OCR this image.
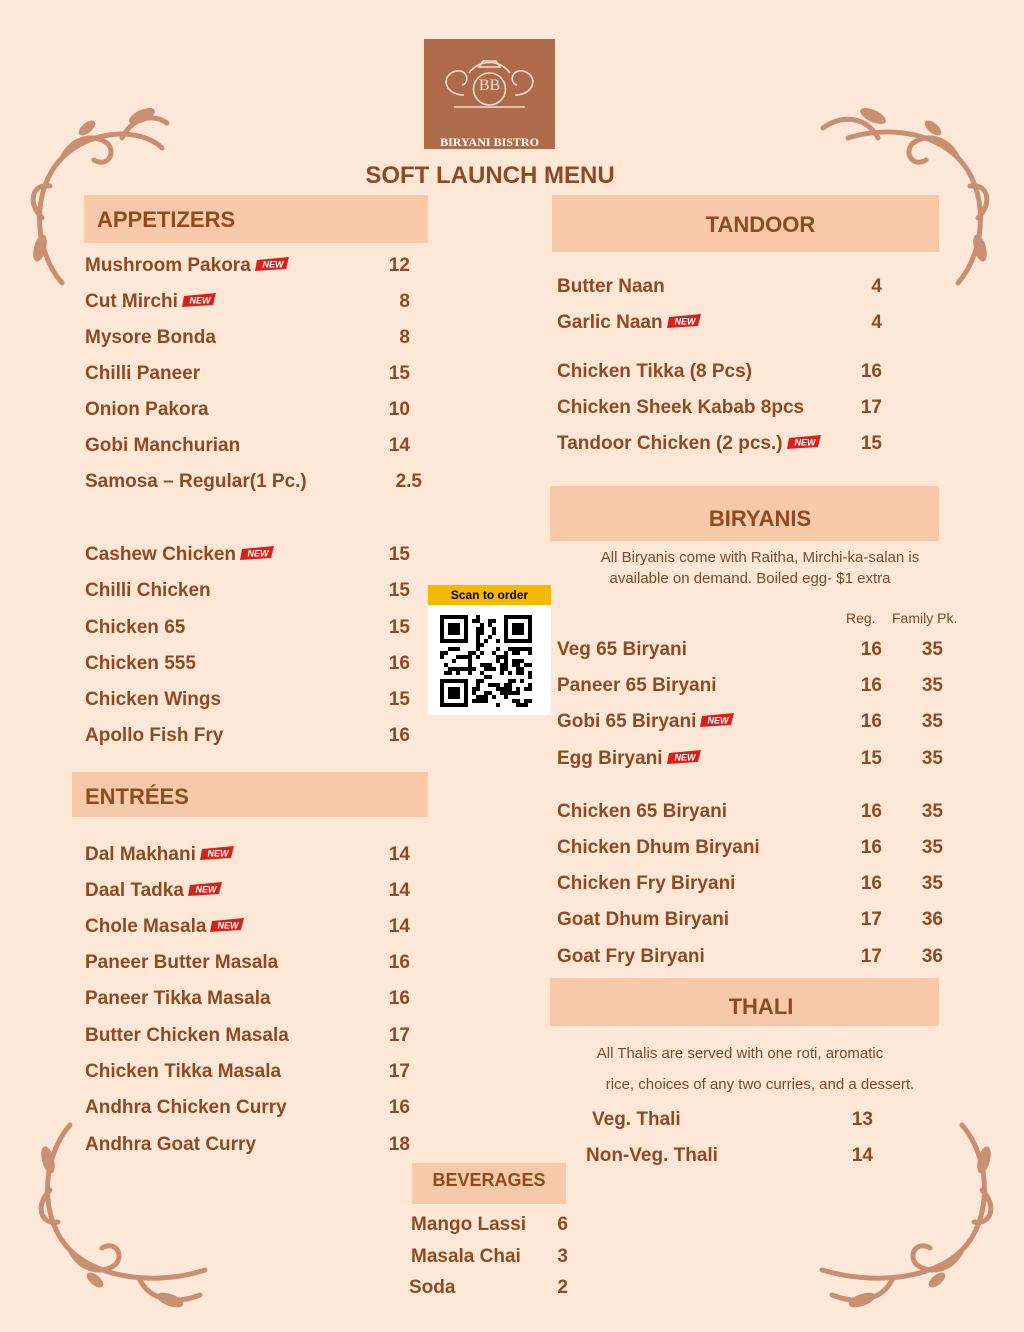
BB
BIRYANI BISTRO
SOFT LAUNCH MENU
APPETIZERS
Mushroom Pakora NEW	12
Cut Mirchi NEW	8
Mysore Bonda	8
Chilli Paneer	15
Onion Pakora	10
Gobi Manchurian	14
Samosa – Regular(1 Pc.)	2.5
Cashew Chicken NEW	15
Chilli Chicken	15
Chicken 65	15
Chicken 555	16
Chicken Wings	15
Apollo Fish Fry	16
ENTRÉES
Dal Makhani NEW	14
Daal Tadka NEW	14
Chole Masala NEW	14
Paneer Butter Masala	16
Paneer Tikka Masala	16
Butter Chicken Masala	17
Chicken Tikka Masala	17
Andhra Chicken Curry	16
Andhra Goat Curry	18
Scan to order
BEVERAGES
Mango Lassi	6
Masala Chai	3
Soda	2
TANDOOR
Butter Naan	4
Garlic Naan NEW	4
Chicken Tikka (8 Pcs)	16
Chicken Sheek Kabab 8pcs	17
Tandoor Chicken (2 pcs.) NEW	15
BIRYANIS
All Biryanis come with Raitha, Mirchi-ka-salan is
available on demand. Boiled egg- $1 extra
Reg. Family Pk.
Veg 65 Biryani	16	35
Paneer 65 Biryani	16	35
Gobi 65 Biryani NEW	16	35
Egg Biryani NEW	15	35
Chicken 65 Biryani	16	35
Chicken Dhum Biryani	16	35
Chicken Fry Biryani	16	35
Goat Dhum Biryani	17	36
Goat Fry Biryani	17	36
THALI
All Thalis are served with one roti, aromatic
rice, choices of any two curries, and a dessert.
Veg. Thali	13
Non-Veg. Thali	14
